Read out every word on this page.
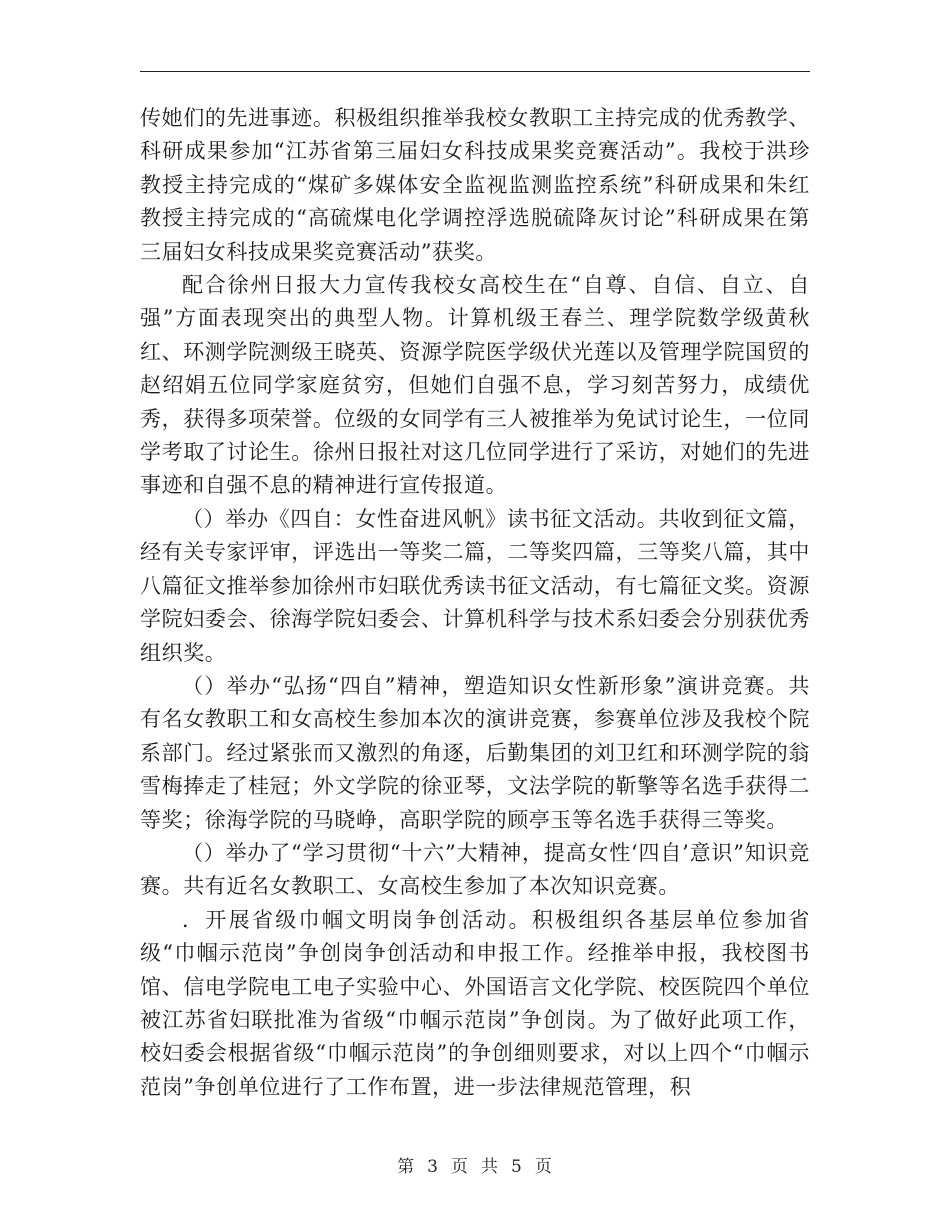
传她们的先进事迹。积极组织推举我校女教职工主持完成的优秀教学、科研成果参加“江苏省第三届妇女科技成果奖竞赛活动”。我校于洪珍教授主持完成的“煤矿多媒体安全监视监测监控系统”科研成果和朱红教授主持完成的“高硫煤电化学调控浮选脱硫降灰讨论”科研成果在第三届妇女科技成果奖竞赛活动”获奖。

配合徐州日报大力宣传我校女高校生在“自尊、自信、自立、自强”方面表现突出的典型人物。计算机级王春兰、理学院数学级黄秋红、环测学院测级王晓英、资源学院医学级伏光莲以及管理学院国贸的赵绍娟五位同学家庭贫穷，但她们自强不息，学习刻苦努力，成绩优秀，获得多项荣誉。位级的女同学有三人被推举为免试讨论生，一位同学考取了讨论生。徐州日报社对这几位同学进行了采访，对她们的先进事迹和自强不息的精神进行宣传报道。

（）举办《四自：女性奋进风帆》读书征文活动。共收到征文篇，经有关专家评审，评选出一等奖二篇，二等奖四篇，三等奖八篇，其中八篇征文推举参加徐州市妇联优秀读书征文活动，有七篇征文奖。资源学院妇委会、徐海学院妇委会、计算机科学与技术系妇委会分别获优秀组织奖。

（）举办“弘扬“四自”精神，塑造知识女性新形象”演讲竞赛。共有名女教职工和女高校生参加本次的演讲竞赛，参赛单位涉及我校个院系部门。经过紧张而又激烈的角逐，后勤集团的刘卫红和环测学院的翁雪梅捧走了桂冠；外文学院的徐亚琴，文法学院的靳擎等名选手获得二等奖；徐海学院的马晓峥，高职学院的顾亭玉等名选手获得三等奖。

（）举办了“学习贯彻“十六”大精神，提高女性‘四自’意识”知识竞赛。共有近名女教职工、女高校生参加了本次知识竞赛。

．开展省级巾帼文明岗争创活动。积极组织各基层单位参加省级“巾帼示范岗”争创岗争创活动和申报工作。经推举申报，我校图书馆、信电学院电工电子实验中心、外国语言文化学院、校医院四个单位被江苏省妇联批准为省级“巾帼示范岗”争创岗。为了做好此项工作，校妇委会根据省级“巾帼示范岗”的争创细则要求，对以上四个“巾帼示范岗”争创单位进行了工作布置，进一步法律规范管理，积

第 3 页 共 5 页
